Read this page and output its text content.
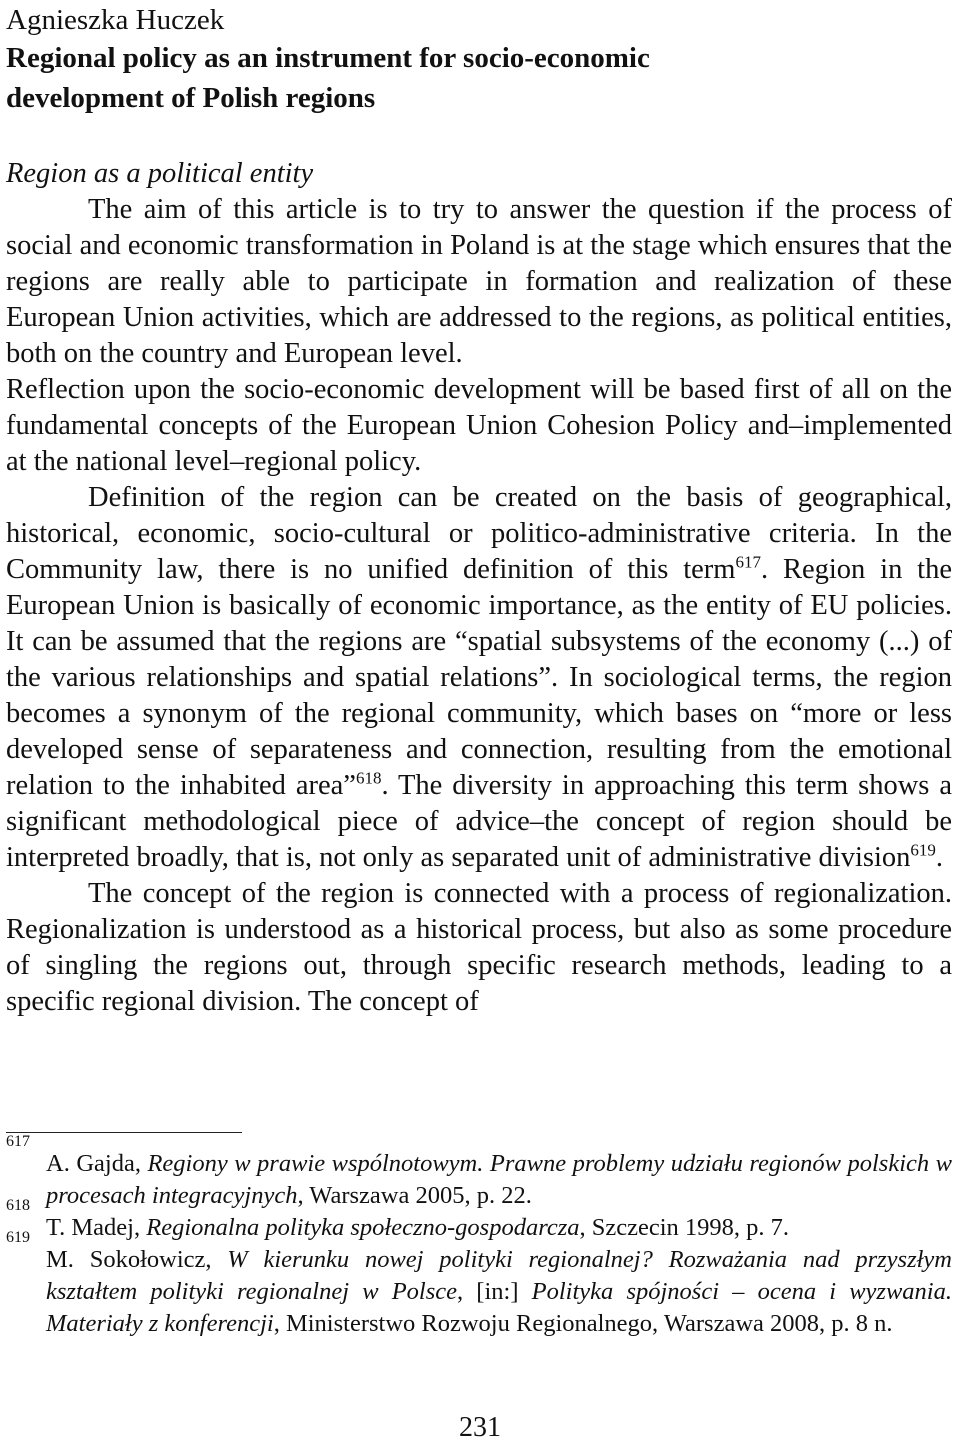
Agnieszka Huczek
Regional policy as an instrument for socio-economic
development of Polish regions
Region as a political entity

The aim of this article is to try to answer the question if the process of social and economic transformation in Poland is at the stage which ensures that the regions are really able to participate in formation and realization of these European Union activities, which are addressed to the regions, as political entities, both on the country and European level.

Reflection upon the socio-economic development will be based first of all on the fundamental concepts of the European Union Cohesion Policy and–implemented at the national level–regional policy.

Definition of the region can be created on the basis of geographical, historical, economic, socio-cultural or politico-administrative criteria. In the Community law, there is no unified definition of this term$^{617}$. Region in the European Union is basically of economic importance, as the entity of EU policies. It can be assumed that the regions are “spatial subsystems of the economy (...) of the various relationships and spatial relations”. In sociological terms, the region becomes a synonym of the regional community, which bases on “more or less developed sense of separateness and connection, resulting from the emotional relation to the inhabited area”$^{618}$. The diversity in approaching this term shows a significant methodological piece of advice–the concept of region should be interpreted broadly, that is, not only as separated unit of administrative division$^{619}$.

The concept of the region is connected with a process of regionalization. Regionalization is understood as a historical process, but also as some procedure of singling the regions out, through specific research methods, leading to a specific regional division. The concept of

617
A. Gajda, Regiony w prawie wspólnotowym. Prawne problemy udziału regionów polskich w procesach integracyjnych, Warszawa 2005, p. 22.
618
T. Madej, Regionalna polityka społeczno-gospodarcza, Szczecin 1998, p. 7.
619
M. Sokołowicz, W kierunku nowej polityki regionalnej? Rozważania nad przyszłym kształtem polityki regionalnej w Polsce, [in:] Polityka spójności – ocena i wyzwania. Materiały z konferencji, Ministerstwo Rozwoju Regionalnego, Warszawa 2008, p. 8 n.
231
